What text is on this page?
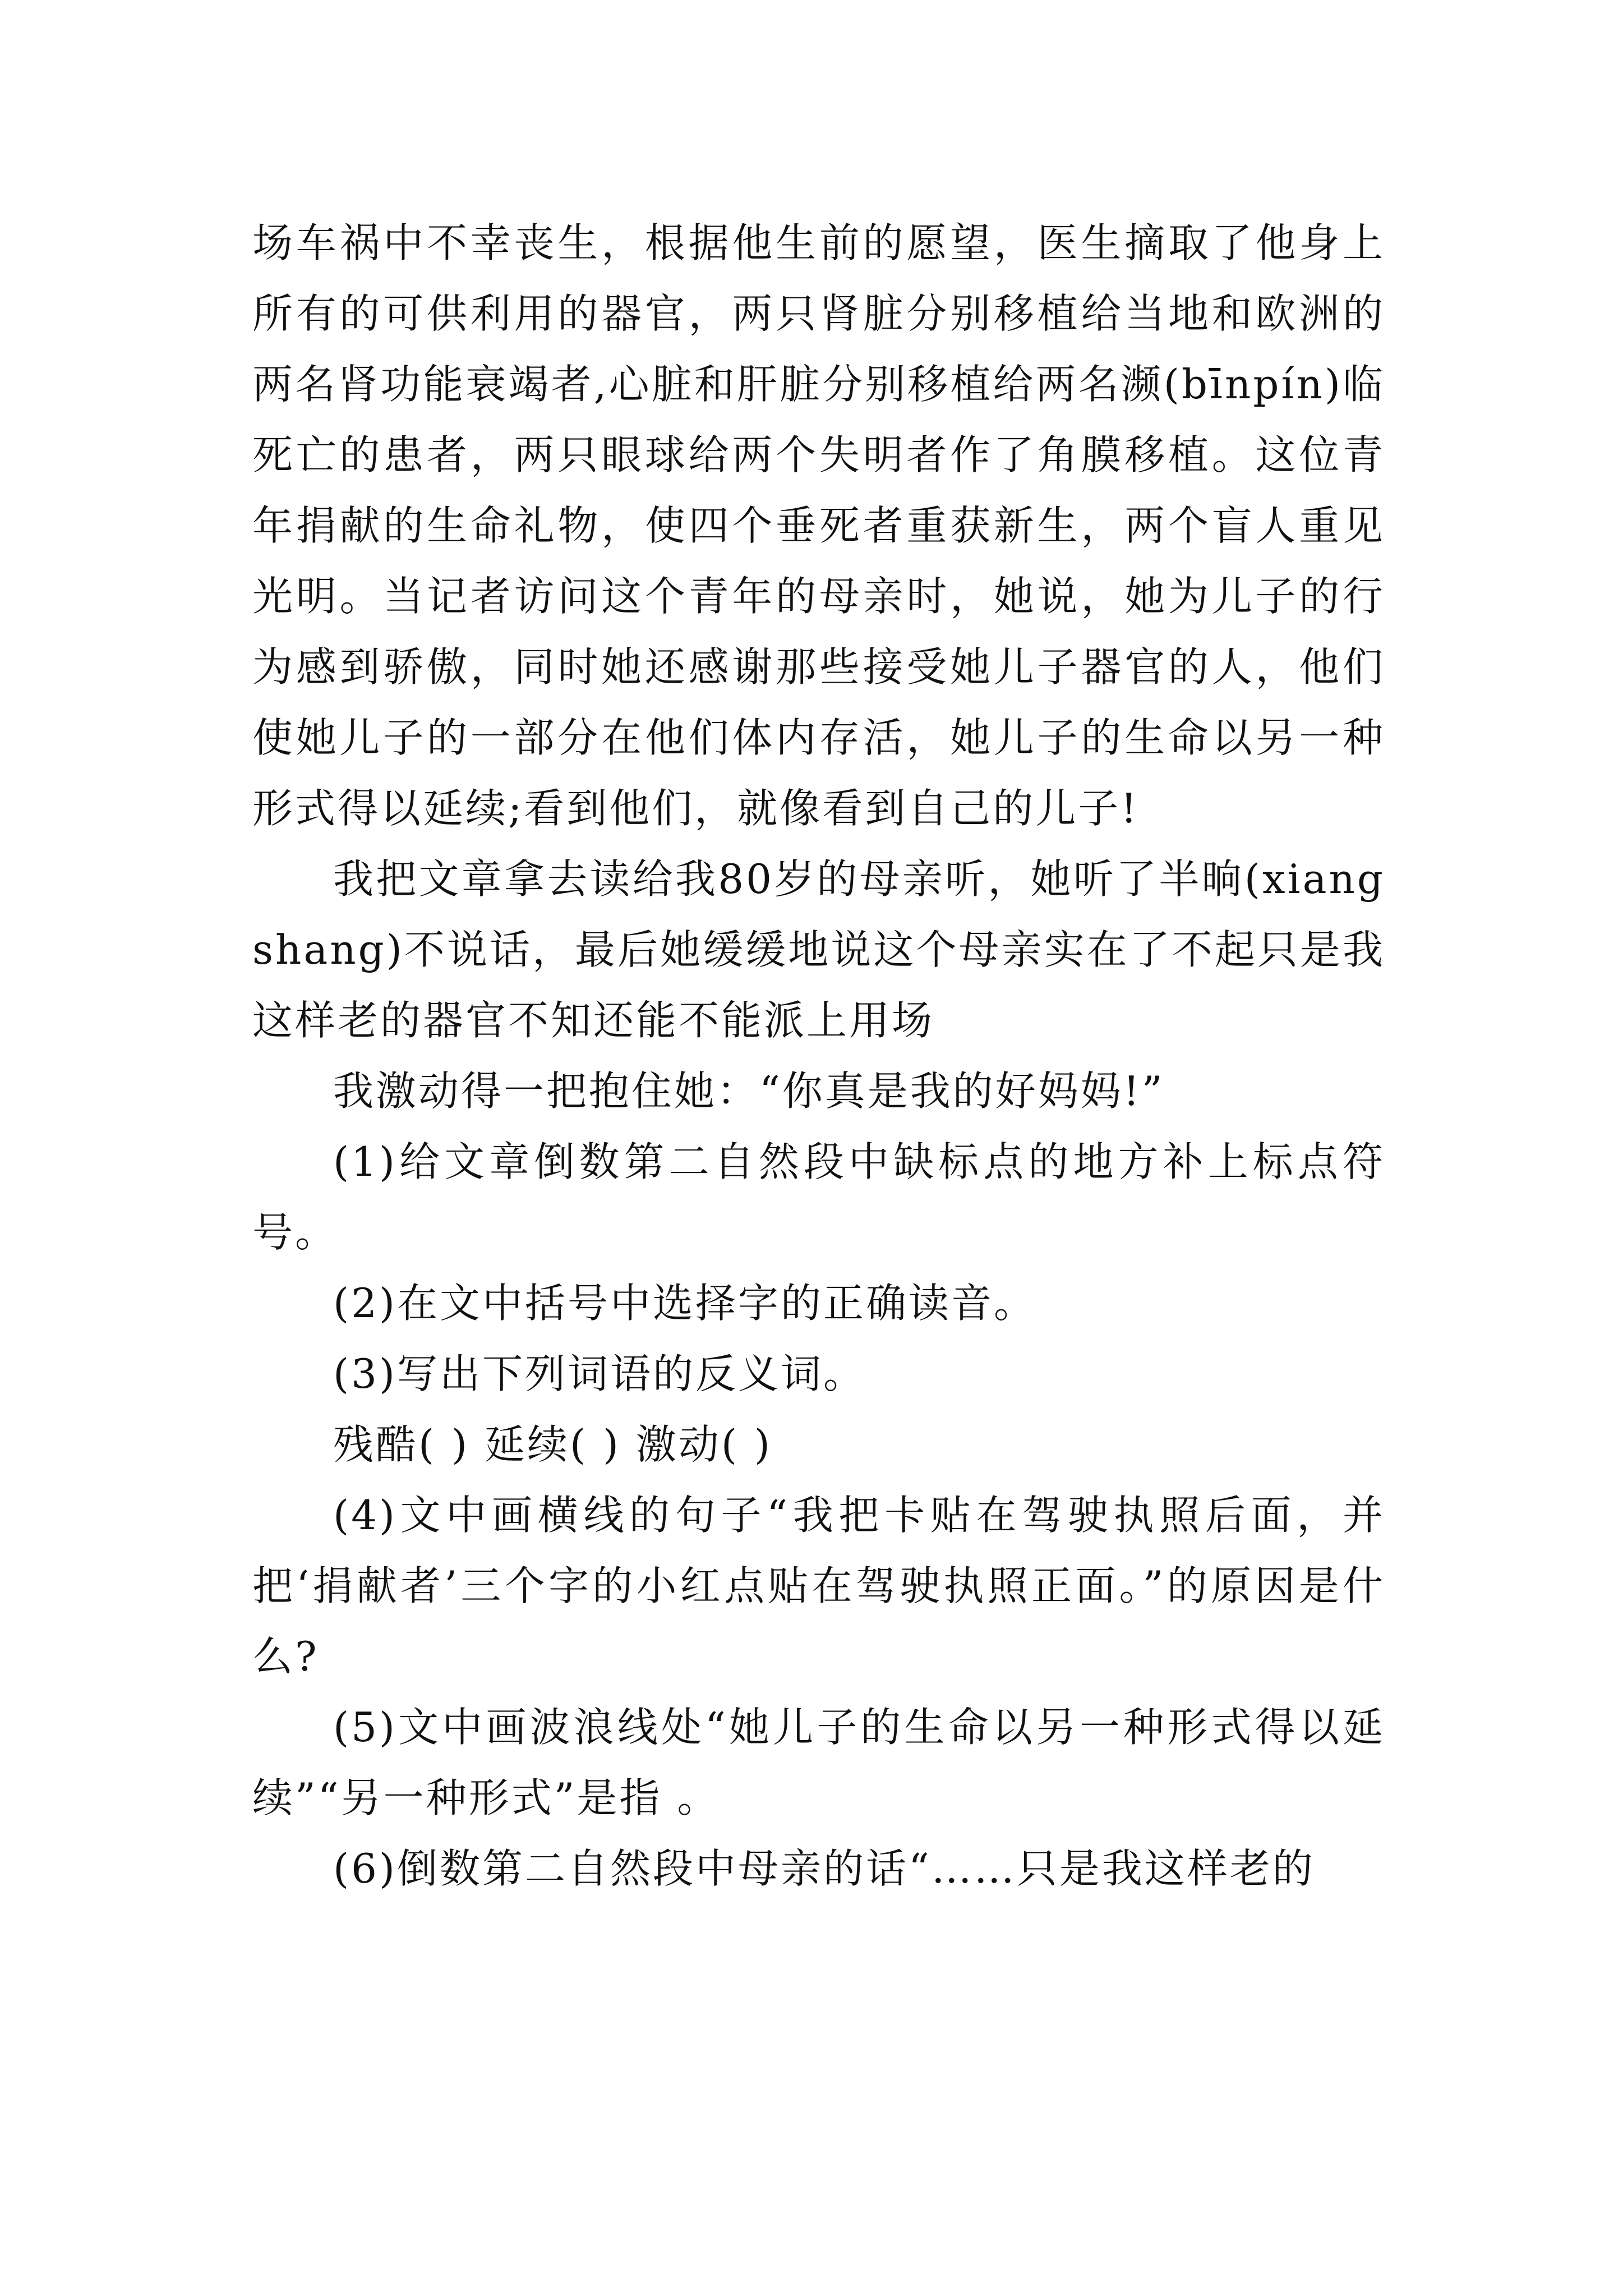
场车祸中不幸丧生，根据他生前的愿望，医生摘取了他身上所有的可供利用的器官，两只肾脏分别移植给当地和欧洲的两名肾功能衰竭者,心脏和肝脏分别移植给两名濒(bīnpín)临死亡的患者，两只眼球给两个失明者作了角膜移植。这位青年捐献的生命礼物，使四个垂死者重获新生，两个盲人重见光明。当记者访问这个青年的母亲时，她说，她为儿子的行为感到骄傲，同时她还感谢那些接受她儿子器官的人，他们使她儿子的一部分在他们体内存活，她儿子的生命以另一种形式得以延续;看到他们，就像看到自己的儿子!

我把文章拿去读给我80岁的母亲听，她听了半晌(xiangshang)不说话，最后她缓缓地说这个母亲实在了不起只是我这样老的器官不知还能不能派上用场

我激动得一把抱住她：“你真是我的好妈妈!”

(1)给文章倒数第二自然段中缺标点的地方补上标点符号。

(2)在文中括号中选择字的正确读音。

(3)写出下列词语的反义词。

残酷( ) 延续( ) 激动( )

(4)文中画横线的句子“我把卡贴在驾驶执照后面，并把‘捐献者’三个字的小红点贴在驾驶执照正面。”的原因是什么?

(5)文中画波浪线处“她儿子的生命以另一种形式得以延续”“另一种形式”是指 。

(6)倒数第二自然段中母亲的话“……只是我这样老的
